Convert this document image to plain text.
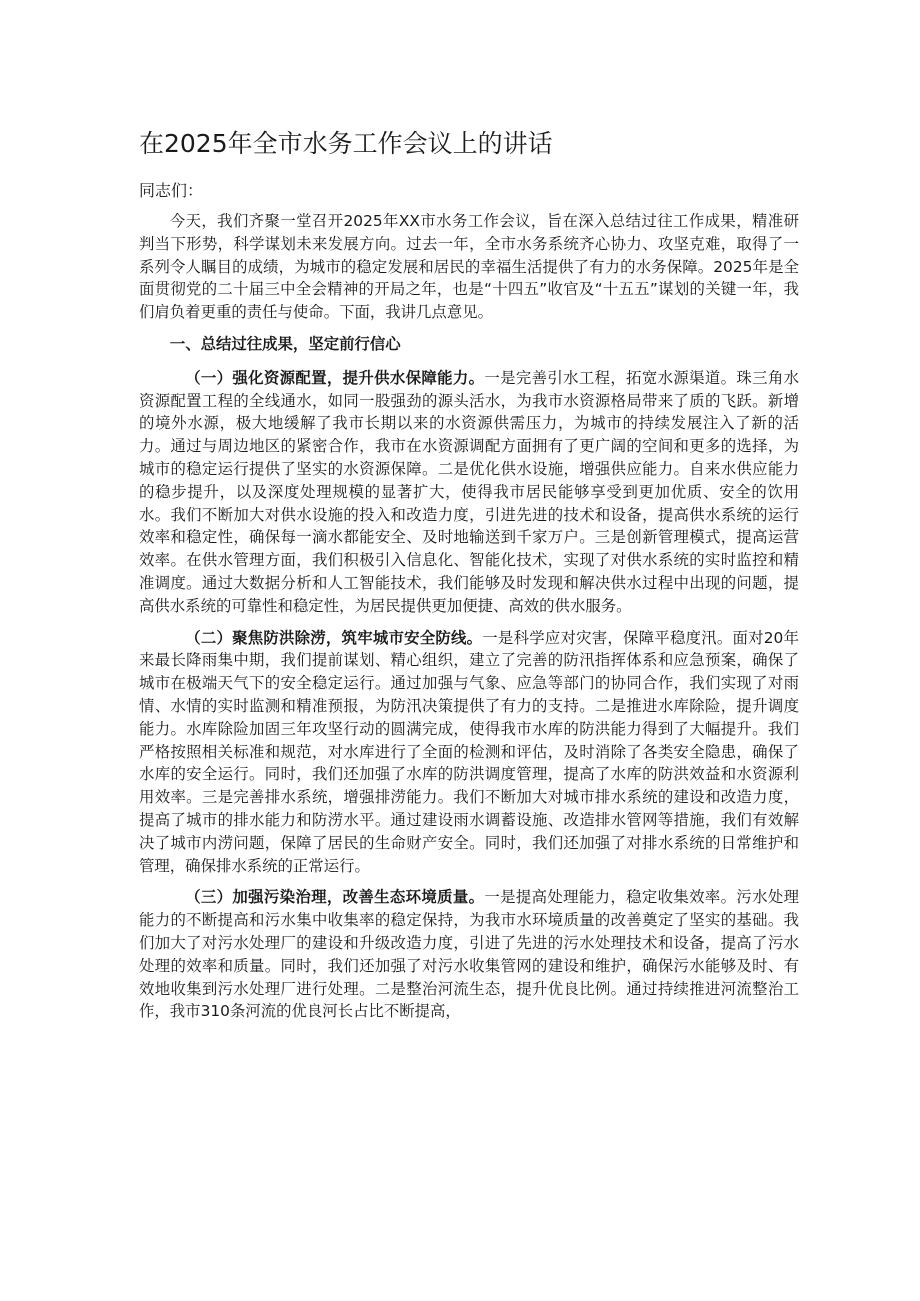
在2025年全市水务工作会议上的讲话

同志们：

今天，我们齐聚一堂召开2025年XX市水务工作会议，旨在深入总结过往工作成果，精准研判当下形势，科学谋划未来发展方向。过去一年，全市水务系统齐心协力、攻坚克难，取得了一系列令人瞩目的成绩，为城市的稳定发展和居民的幸福生活提供了有力的水务保障。2025年是全面贯彻党的二十届三中全会精神的开局之年，也是“十四五”收官及“十五五”谋划的关键一年，我们肩负着更重的责任与使命。下面，我讲几点意见。

一、总结过往成果，坚定前行信心

（一）强化资源配置，提升供水保障能力。一是完善引水工程，拓宽水源渠道。珠三角水资源配置工程的全线通水，如同一股强劲的源头活水，为我市水资源格局带来了质的飞跃。新增的境外水源，极大地缓解了我市长期以来的水资源供需压力，为城市的持续发展注入了新的活力。通过与周边地区的紧密合作，我市在水资源调配方面拥有了更广阔的空间和更多的选择，为城市的稳定运行提供了坚实的水资源保障。二是优化供水设施，增强供应能力。自来水供应能力的稳步提升，以及深度处理规模的显著扩大，使得我市居民能够享受到更加优质、安全的饮用水。我们不断加大对供水设施的投入和改造力度，引进先进的技术和设备，提高供水系统的运行效率和稳定性，确保每一滴水都能安全、及时地输送到千家万户。三是创新管理模式，提高运营效率。在供水管理方面，我们积极引入信息化、智能化技术，实现了对供水系统的实时监控和精准调度。通过大数据分析和人工智能技术，我们能够及时发现和解决供水过程中出现的问题，提高供水系统的可靠性和稳定性，为居民提供更加便捷、高效的供水服务。

（二）聚焦防洪除涝，筑牢城市安全防线。一是科学应对灾害，保障平稳度汛。面对20年来最长降雨集中期，我们提前谋划、精心组织，建立了完善的防汛指挥体系和应急预案，确保了城市在极端天气下的安全稳定运行。通过加强与气象、应急等部门的协同合作，我们实现了对雨情、水情的实时监测和精准预报，为防汛决策提供了有力的支持。二是推进水库除险，提升调度能力。水库除险加固三年攻坚行动的圆满完成，使得我市水库的防洪能力得到了大幅提升。我们严格按照相关标准和规范，对水库进行了全面的检测和评估，及时消除了各类安全隐患，确保了水库的安全运行。同时，我们还加强了水库的防洪调度管理，提高了水库的防洪效益和水资源利用效率。三是完善排水系统，增强排涝能力。我们不断加大对城市排水系统的建设和改造力度，提高了城市的排水能力和防涝水平。通过建设雨水调蓄设施、改造排水管网等措施，我们有效解决了城市内涝问题，保障了居民的生命财产安全。同时，我们还加强了对排水系统的日常维护和管理，确保排水系统的正常运行。

（三）加强污染治理，改善生态环境质量。一是提高处理能力，稳定收集效率。污水处理能力的不断提高和污水集中收集率的稳定保持，为我市水环境质量的改善奠定了坚实的基础。我们加大了对污水处理厂的建设和升级改造力度，引进了先进的污水处理技术和设备，提高了污水处理的效率和质量。同时，我们还加强了对污水收集管网的建设和维护，确保污水能够及时、有效地收集到污水处理厂进行处理。二是整治河流生态，提升优良比例。通过持续推进河流整治工作，我市310条河流的优良河长占比不断提高，
